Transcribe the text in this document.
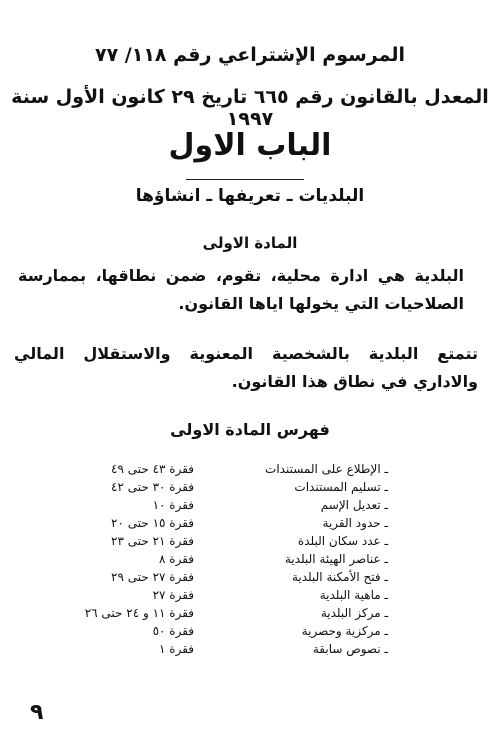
المرسوم الإشتراعي رقم ١١٨/ ٧٧
المعدل بالقانون رقم ٦٦٥ تاريخ ٢٩ كانون الأول سنة ١٩٩٧
الباب الاول
البلديات ـ تعريفها ـ انشاؤها
المادة الاولى
البلدية هي ادارة محلية، تقوم، ضمن نطاقها، بممارسة الصلاحيات التي يخولها اياها القانون.
تتمتع البلدية بالشخصية المعنوية والاستقلال المالي والاداري في نطاق هذا القانون.
فهرس المادة الاولى
ـ الإطلاع على المستندات
فقرة ٤٣ حتى ٤٩
ـ تسليم المستندات
فقرة ٣٠ حتى ٤٢
ـ تعديل الإسم
فقرة ١٠
ـ حدود القرية
فقرة ١٥ حتى ٢٠
ـ عدد سكان البلدة
فقرة ٢١ حتى ٢٣
ـ عناصر الهيئة البلدية
فقرة ٨
ـ فتح الأمكنة البلدية
فقرة ٢٧ حتى ٢٩
ـ ماهية البلدية
فقرة ٢٧
ـ مركز البلدية
فقرة ١١ و ٢٤ حتى ٢٦
ـ مركزية وحصرية
فقرة ٥٠
ـ نصوص سابقة
فقرة ١
٩
